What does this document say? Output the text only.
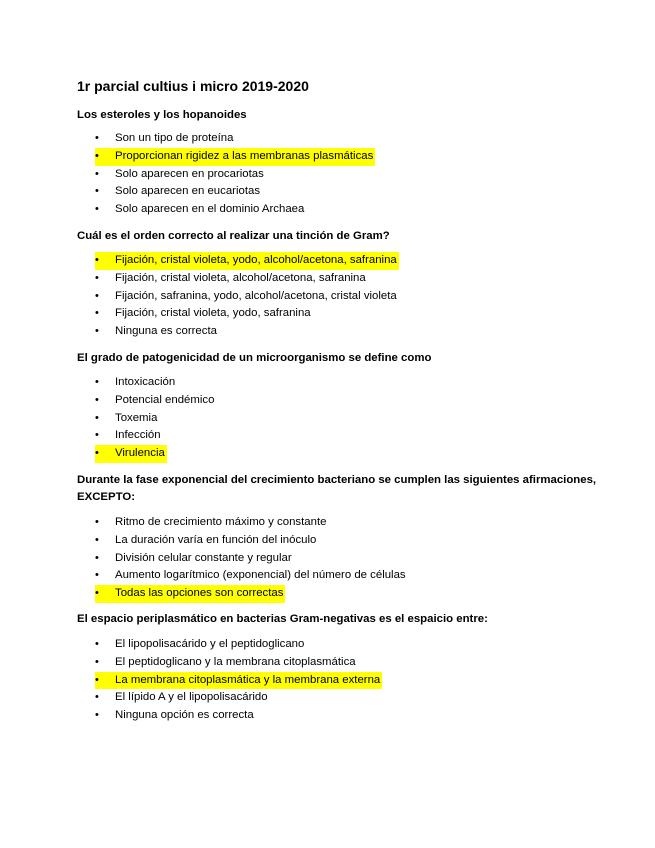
1r parcial cultius i micro 2019-2020
Los esteroles y los hopanoides
• Son un tipo de proteína
• Proporcionan rigidez a las membranas plasmáticas
• Solo aparecen en procariotas
• Solo aparecen en eucariotas
• Solo aparecen en el dominio Archaea
Cuál es el orden correcto al realizar una tinción de Gram?
• Fijación, cristal violeta, yodo, alcohol/acetona, safranina
• Fijación, cristal violeta, alcohol/acetona, safranina
• Fijación, safranina, yodo, alcohol/acetona, cristal violeta
• Fijación, cristal violeta, yodo, safranina
• Ninguna es correcta
El grado de patogenicidad de un microorganismo se define como
• Intoxicación
• Potencial endémico
• Toxemia
• Infección
• Virulencia
Durante la fase exponencial del crecimiento bacteriano se cumplen las siguientes afirmaciones, EXCEPTO:
• Ritmo de crecimiento máximo y constante
• La duración varía en función del inóculo
• División celular constante y regular
• Aumento logarítmico (exponencial) del número de células
• Todas las opciones son correctas
El espacio periplasmático en bacterias Gram-negativas es el espaicio entre:
• El lipopolisacárido y el peptidoglicano
• El peptidoglicano y la membrana citoplasmática
• La membrana citoplasmática y la membrana externa
• El lípido A y el lipopolisacárido
• Ninguna opción es correcta
